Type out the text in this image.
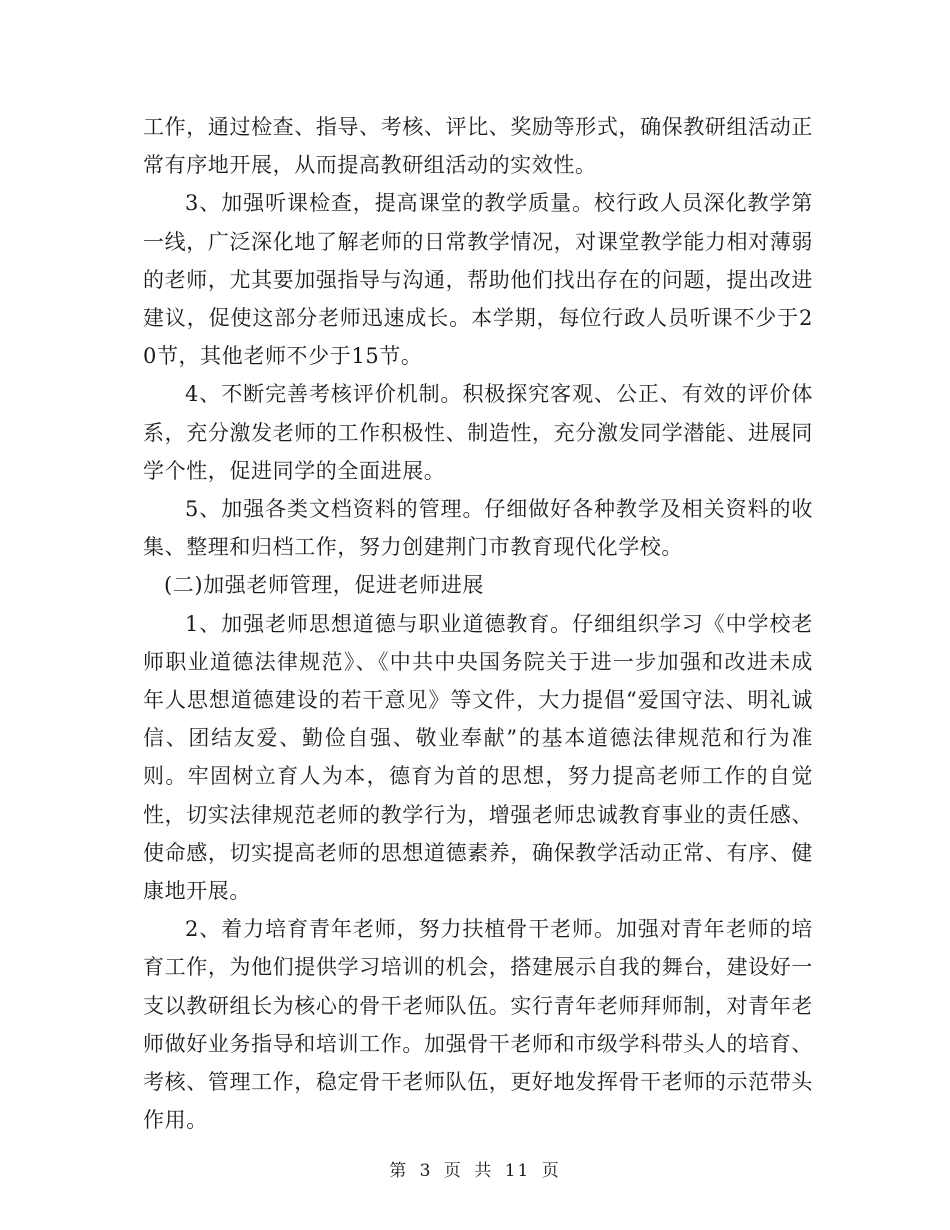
工作，通过检查、指导、考核、评比、奖励等形式，确保教研组活动正常有序地开展，从而提高教研组活动的实效性。

3、加强听课检查，提高课堂的教学质量。校行政人员深化教学第一线，广泛深化地了解老师的日常教学情况，对课堂教学能力相对薄弱的老师，尤其要加强指导与沟通，帮助他们找出存在的问题，提出改进建议，促使这部分老师迅速成长。本学期，每位行政人员听课不少于20节，其他老师不少于15节。

4、不断完善考核评价机制。积极探究客观、公正、有效的评价体系，充分激发老师的工作积极性、制造性，充分激发同学潜能、进展同学个性，促进同学的全面进展。

5、加强各类文档资料的管理。仔细做好各种教学及相关资料的收集、整理和归档工作，努力创建荆门市教育现代化学校。

(二)加强老师管理，促进老师进展

1、加强老师思想道德与职业道德教育。仔细组织学习《中学校老师职业道德法律规范》、《中共中央国务院关于进一步加强和改进未成年人思想道德建设的若干意见》等文件，大力提倡“爱国守法、明礼诚信、团结友爱、勤俭自强、敬业奉献”的基本道德法律规范和行为准则。牢固树立育人为本，德育为首的思想，努力提高老师工作的自觉性，切实法律规范老师的教学行为，增强老师忠诚教育事业的责任感、使命感，切实提高老师的思想道德素养，确保教学活动正常、有序、健康地开展。

2、着力培育青年老师，努力扶植骨干老师。加强对青年老师的培育工作，为他们提供学习培训的机会，搭建展示自我的舞台，建设好一支以教研组长为核心的骨干老师队伍。实行青年老师拜师制，对青年老师做好业务指导和培训工作。加强骨干老师和市级学科带头人的培育、考核、管理工作，稳定骨干老师队伍，更好地发挥骨干老师的示范带头作用。

第 3 页 共 11 页
